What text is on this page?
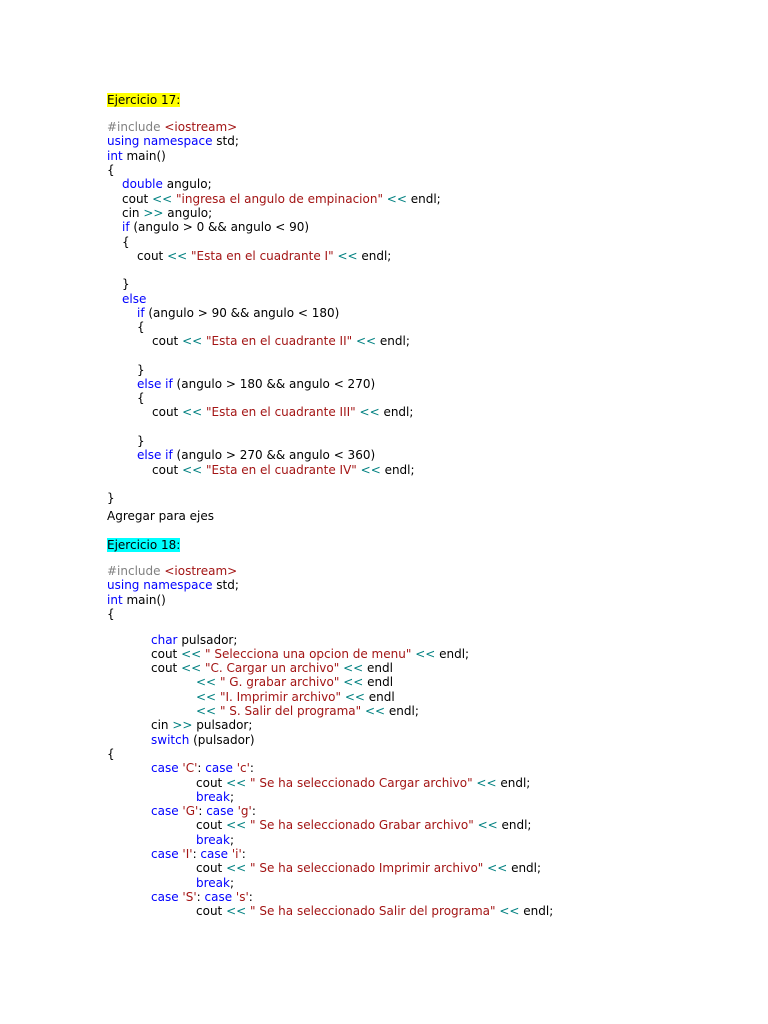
Ejercicio 17:
#include <iostream>
using namespace std;
int main()
{
double angulo;
cout << "ingresa el angulo de empinacion" << endl;
cin >> angulo;
if (angulo > 0 && angulo < 90)
{
cout << "Esta en el cuadrante I" << endl;
}
else
if (angulo > 90 && angulo < 180)
{
cout << "Esta en el cuadrante II" << endl;
}
else if (angulo > 180 && angulo < 270)
{
cout << "Esta en el cuadrante III" << endl;
}
else if (angulo > 270 && angulo < 360)
cout << "Esta en el cuadrante IV" << endl;
}
Agregar para ejes
Ejercicio 18:
#include <iostream>
using namespace std;
int main()
{
char pulsador;
cout << " Selecciona una opcion de menu" << endl;
cout << "C. Cargar un archivo" << endl
<< " G. grabar archivo" << endl
<< "I. Imprimir archivo" << endl
<< " S. Salir del programa" << endl;
cin >> pulsador;
switch (pulsador)
{
case 'C': case 'c':
cout << " Se ha seleccionado Cargar archivo" << endl;
break;
case 'G': case 'g':
cout << " Se ha seleccionado Grabar archivo" << endl;
break;
case 'I': case 'i':
cout << " Se ha seleccionado Imprimir archivo" << endl;
break;
case 'S': case 's':
cout << " Se ha seleccionado Salir del programa" << endl;
